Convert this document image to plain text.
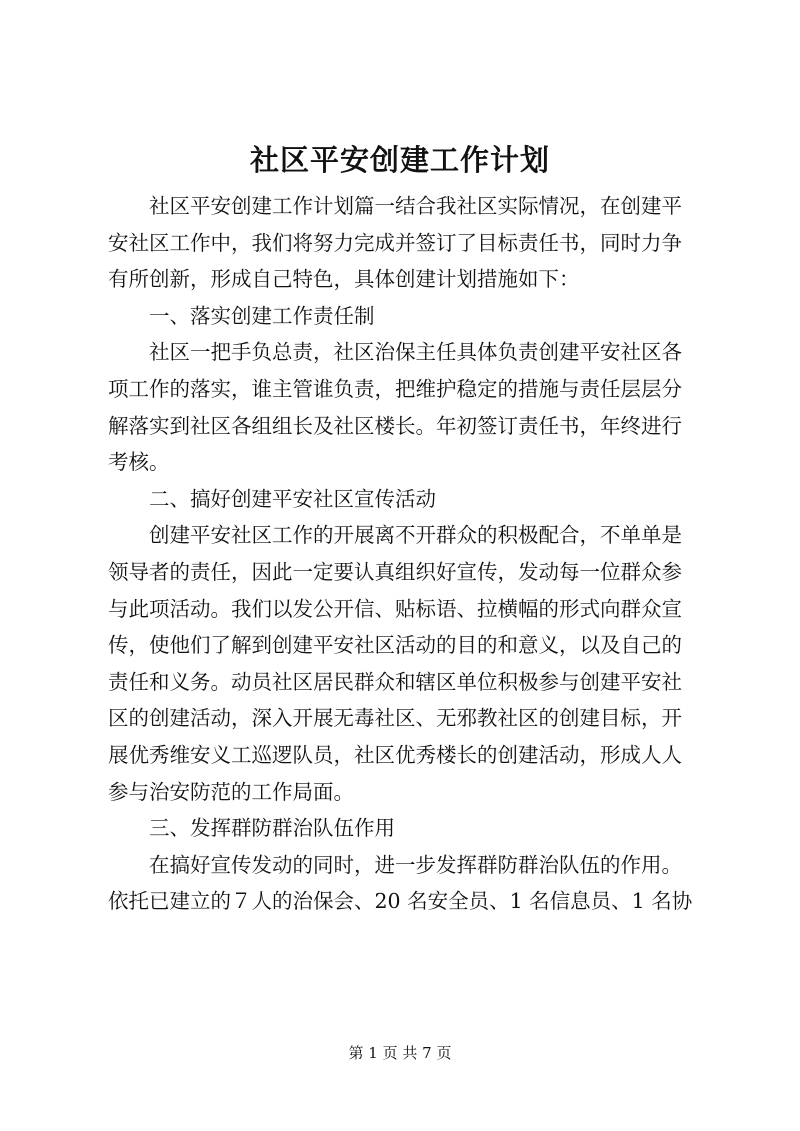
社区平安创建工作计划
　　社区平安创建工作计划篇一结合我社区实际情况，在创建平
安社区工作中，我们将努力完成并签订了目标责任书，同时力争
有所创新，形成自己特色，具体创建计划措施如下：
　　一、落实创建工作责任制
　　社区一把手负总责，社区治保主任具体负责创建平安社区各
项工作的落实，谁主管谁负责，把维护稳定的措施与责任层层分
解落实到社区各组组长及社区楼长。年初签订责任书，年终进行
考核。
　　二、搞好创建平安社区宣传活动
　　创建平安社区工作的开展离不开群众的积极配合，不单单是
领导者的责任，因此一定要认真组织好宣传，发动每一位群众参
与此项活动。我们以发公开信、贴标语、拉横幅的形式向群众宣
传，使他们了解到创建平安社区活动的目的和意义，以及自己的
责任和义务。动员社区居民群众和辖区单位积极参与创建平安社
区的创建活动，深入开展无毒社区、无邪教社区的创建目标，开
展优秀维安义工巡逻队员，社区优秀楼长的创建活动，形成人人
参与治安防范的工作局面。
　　三、发挥群防群治队伍作用
　　在搞好宣传发动的同时，进一步发挥群防群治队伍的作用。
依托已建立的７人的治保会、20 名安全员、1 名信息员、1 名协
第 1 页 共 7 页
